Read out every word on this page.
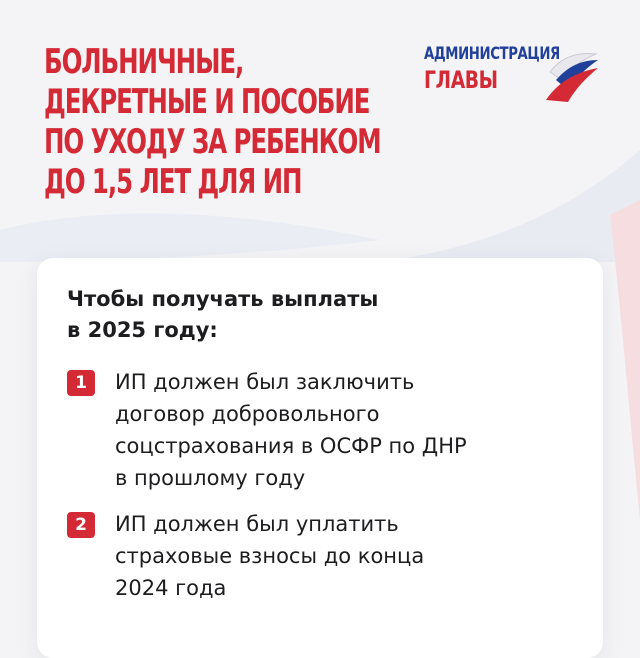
БОЛЬНИЧНЫЕ,
ДЕКРЕТНЫЕ И ПОСОБИЕ
ПО УХОДУ ЗА РЕБЕНКОМ
ДО 1,5 ЛЕТ ДЛЯ ИП
АДМИНИСТРАЦИЯ
ГЛАВЫ
Чтобы получать выплаты
в 2025 году:
1	ИП должен был заключить
договор добровольного
соцстрахования в ОСФР по ДНР
в прошлому году
2	ИП должен был уплатить
страховые взносы до конца
2024 года
